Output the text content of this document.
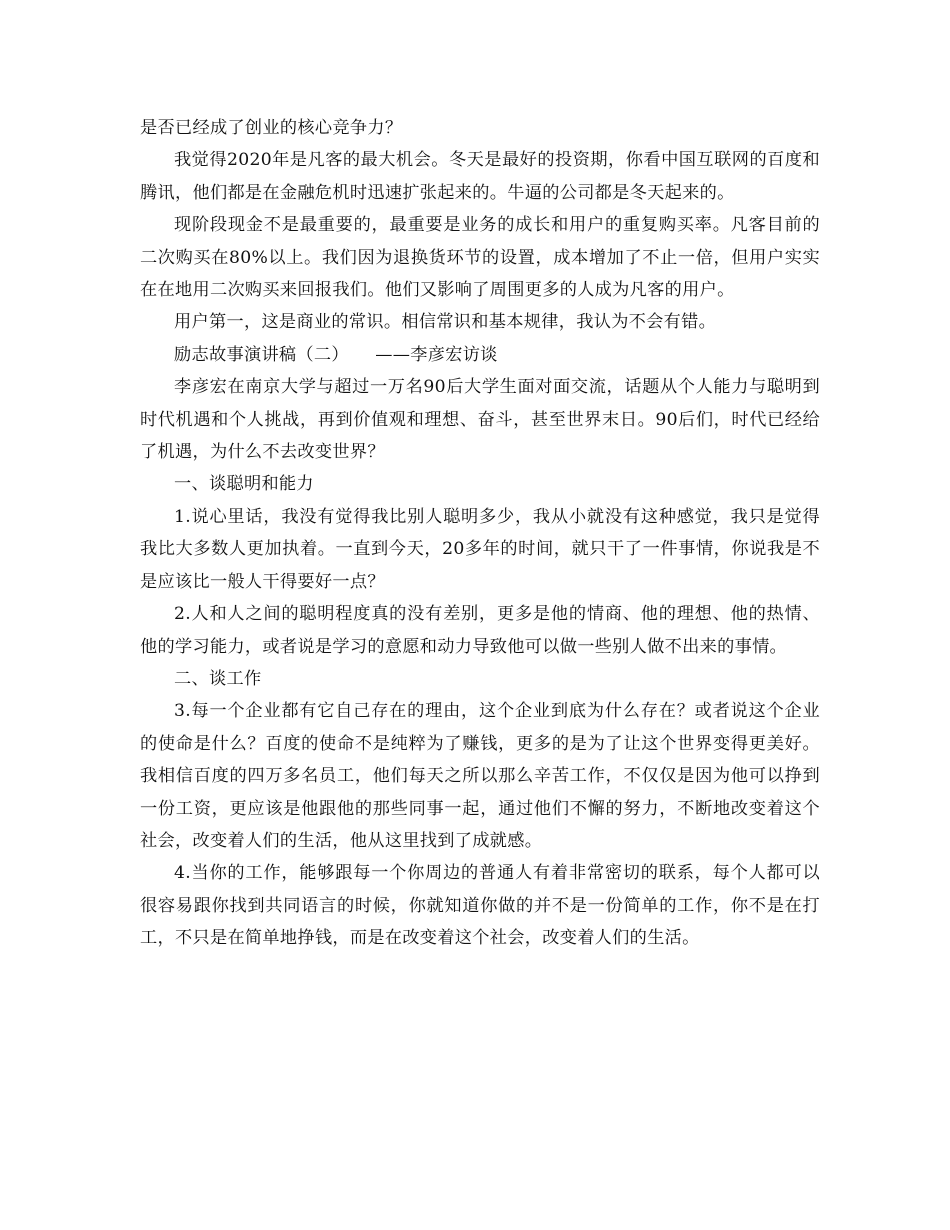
是否已经成了创业的核心竞争力？

我觉得2020年是凡客的最大机会。冬天是最好的投资期，你看中国互联网的百度和腾讯，他们都是在金融危机时迅速扩张起来的。牛逼的公司都是冬天起来的。

现阶段现金不是最重要的，最重要是业务的成长和用户的重复购买率。凡客目前的二次购买在80%以上。我们因为退换货环节的设置，成本增加了不止一倍，但用户实实在在地用二次购买来回报我们。他们又影响了周围更多的人成为凡客的用户。

用户第一，这是商业的常识。相信常识和基本规律，我认为不会有错。

励志故事演讲稿（二）　　——李彦宏访谈

李彦宏在南京大学与超过一万名90后大学生面对面交流，话题从个人能力与聪明到时代机遇和个人挑战，再到价值观和理想、奋斗，甚至世界末日。90后们，时代已经给了机遇，为什么不去改变世界？

一、谈聪明和能力

1.说心里话，我没有觉得我比别人聪明多少，我从小就没有这种感觉，我只是觉得我比大多数人更加执着。一直到今天，20多年的时间，就只干了一件事情，你说我是不是应该比一般人干得要好一点？

2.人和人之间的聪明程度真的没有差别，更多是他的情商、他的理想、他的热情、他的学习能力，或者说是学习的意愿和动力导致他可以做一些别人做不出来的事情。

二、谈工作

3.每一个企业都有它自己存在的理由，这个企业到底为什么存在？或者说这个企业的使命是什么？百度的使命不是纯粹为了赚钱，更多的是为了让这个世界变得更美好。我相信百度的四万多名员工，他们每天之所以那么辛苦工作，不仅仅是因为他可以挣到一份工资，更应该是他跟他的那些同事一起，通过他们不懈的努力，不断地改变着这个社会，改变着人们的生活，他从这里找到了成就感。

4.当你的工作，能够跟每一个你周边的普通人有着非常密切的联系，每个人都可以很容易跟你找到共同语言的时候，你就知道你做的并不是一份简单的工作，你不是在打工，不只是在简单地挣钱，而是在改变着这个社会，改变着人们的生活。
